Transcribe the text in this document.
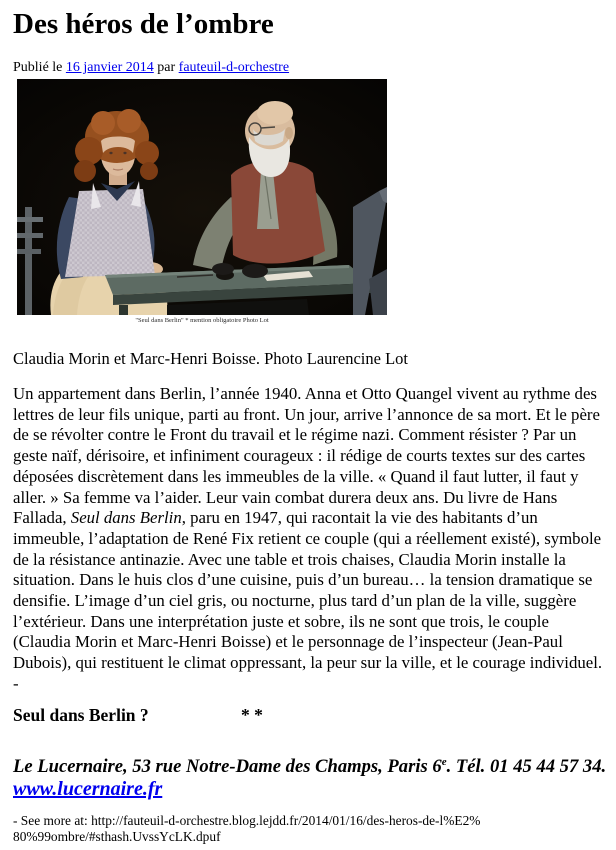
Des héros de l’ombre
Publié le 16 janvier 2014 par fauteuil-d-orchestre
"Seul dans Berlin" * mention obligatoire Photo Lot
Claudia Morin et Marc-Henri Boisse. Photo Laurencine Lot

Un appartement dans Berlin, l’année 1940. Anna et Otto Quangel vivent au rythme des lettres de leur fils unique, parti au front. Un jour, arrive l’annonce de sa mort. Et le père de se révolter contre le Front du travail et le régime nazi. Comment résister ? Par un geste naïf, dérisoire, et infiniment courageux : il rédige de courts textes sur des cartes déposées discrètement dans les immeubles de la ville. « Quand il faut lutter, il faut y aller. » Sa femme va l’aider. Leur vain combat durera deux ans. Du livre de Hans Fallada, Seul dans Berlin, paru en 1947, qui racontait la vie des habitants d’un immeuble, l’adaptation de René Fix retient ce couple (qui a réellement existé), symbole de la résistance antinazie. Avec une table et trois chaises, Claudia Morin installe la situation. Dans le huis clos d’une cuisine, puis d’un bureau… la tension dramatique se densifie. L’image d’un ciel gris, ou nocturne, plus tard d’un plan de la ville, suggère l’extérieur. Dans une interprétation juste et sobre, ils ne sont que trois, le couple (Claudia Morin et Marc-Henri Boisse) et le personnage de l’inspecteur (Jean-Paul Dubois), qui restituent le climat oppressant, la peur sur la ville, et le courage individuel. -

Seul dans Berlin ?	* *
Le Lucernaire, 53 rue Notre-Dame des Champs, Paris 6e. Tél. 01 45 44 57 34.
www.lucernaire.fr
- See more at: http://fauteuil-d-orchestre.blog.lejdd.fr/2014/01/16/des-heros-de-l%E2%80%99ombre/#sthash.UvssYcLK.dpuf
